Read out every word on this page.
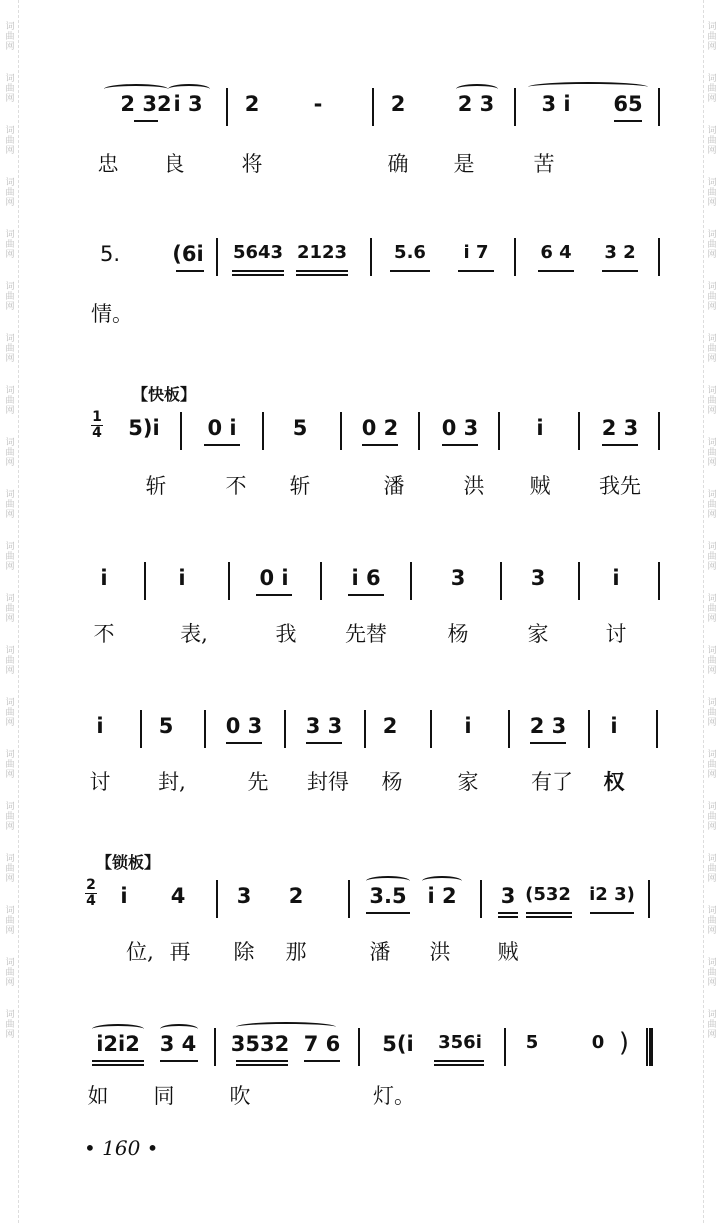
词
曲
网
词
曲
网
词
曲
网
词
曲
网
词
曲
网
词
曲
网
词
曲
网
词
曲
网
词
曲
网
词
曲
网
词
曲
网
词
曲
网
词
曲
网
词
曲
网
词
曲
网
词
曲
网
词
曲
网
词
曲
网
词
曲
网
词
曲
网
词
曲
网
词
曲
网
词
曲
网
词
曲
网
词
曲
网
词
曲
网
词
曲
网
词
曲
网
词
曲
网
词
曲
网
词
曲
网
词
曲
网
词
曲
网
词
曲
网
词
曲
网
词
曲
网
词
曲
网
词
曲
网
词
曲
网
词
曲
网
2 32 i 3 2	-	2 2 3 3 i 65
忠 良	将	确 是	苦
5. (6i 5643 2123	5.6 i 7	6 4 3 2
情。
【快板】
1
4 5)i 0 i	5	0 2 0 3	i	2 3
斩	不 斩	潘	洪 贼 我先
i	i	0 i	i 6	3	3	i
不	表,	我 先替	杨	家	讨
i	5 0 3 3 3 2	i	2 3 i
讨 封,	先 封得 杨	家	有了 权
【锁板】
2
4 i 4 3 2	3.5 i 2 3 (532 i2 3)
位, 再 除 那	潘 洪 贼
i2i2 3 4 3532 7 6 5(i 356i 5	0 )
如 同	吹	灯。
• 160 •
